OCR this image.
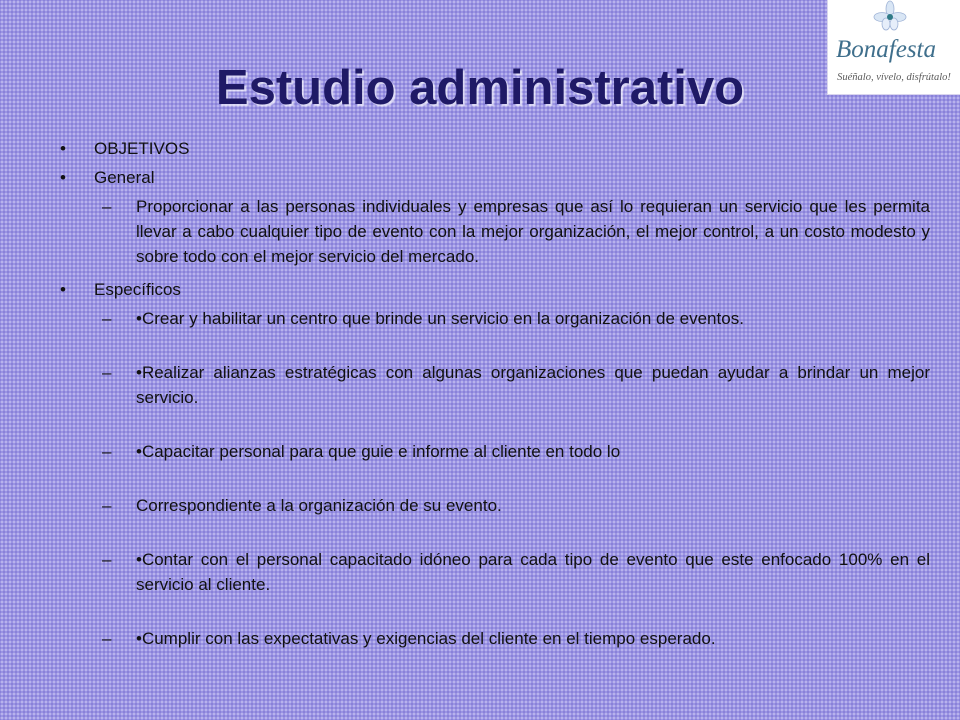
Bonafesta
Suéñalo, vívelo, disfrútalo!
Estudio administrativo
• OBJETIVOS
• General
– Proporcionar a las personas individuales y empresas que así lo requieran un servicio que les permita llevar a cabo cualquier tipo de evento con la mejor organización, el mejor control, a un costo modesto y sobre todo con el mejor servicio del mercado.
• Específicos
– •Crear y habilitar un centro que brinde un servicio en la organización de eventos.
– •Realizar alianzas estratégicas con algunas organizaciones que puedan ayudar a brindar un mejor servicio.
– •Capacitar personal para que guie e informe al cliente en todo lo
– Correspondiente a la organización de su evento.
– •Contar con el personal capacitado idóneo para cada tipo de evento que este enfocado 100% en el servicio al cliente.
– •Cumplir con las expectativas y exigencias del cliente en el tiempo esperado.
